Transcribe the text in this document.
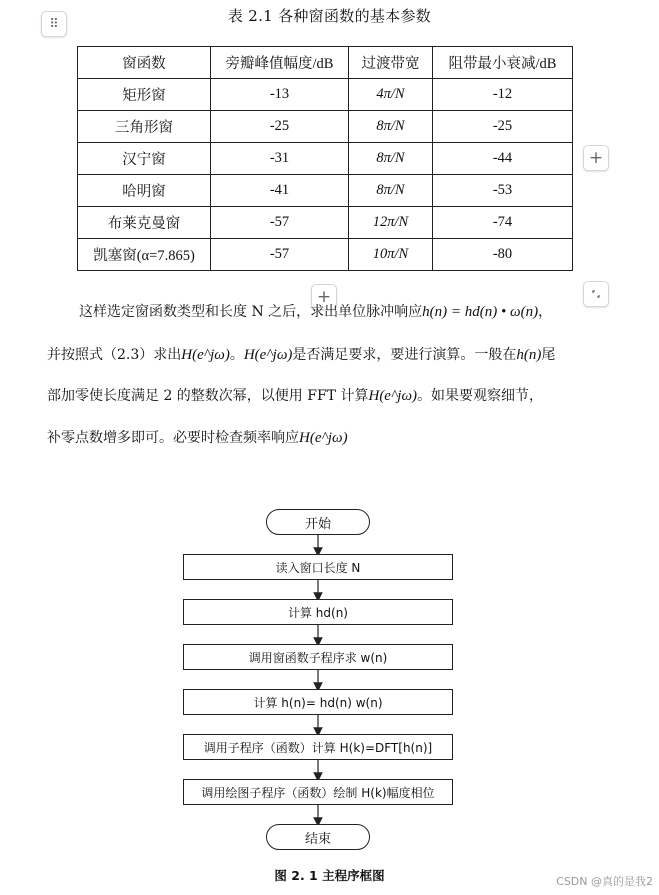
⠿
+
+
表 2.1 各种窗函数的基本参数
窗函数	旁瓣峰值幅度/dB	过渡带宽	阻带最小衰减/dB
矩形窗	-13	4π/N	-12
三角形窗	-25	8π/N	-25
汉宁窗	-31	8π/N	-44
哈明窗	-41	8π/N	-53
布莱克曼窗	-57	12π/N	-74
凯塞窗(α=7.865)	-57	10π/N	-80
这样选定窗函数类型和长度 N 之后，求出单位脉冲响应h(n) = hd(n) • ω(n)，
并按照式（2.3）求出H(e^jω)。H(e^jω)是否满足要求，要进行演算。一般在h(n)尾
部加零使长度满足 2 的整数次幂，以便用 FFT 计算H(e^jω)。如果要观察细节，
补零点数增多即可。必要时检查频率响应H(e^jω)
开始
读入窗口长度 N
计算 hd(n)
调用窗函数子程序求 w(n)
计算 h(n)= hd(n) w(n)
调用子程序（函数）计算 H(k)=DFT[h(n)]
调用绘图子程序（函数）绘制 H(k)幅度相位
结束
图 2. 1 主程序框图	CSDN @真的是我2
